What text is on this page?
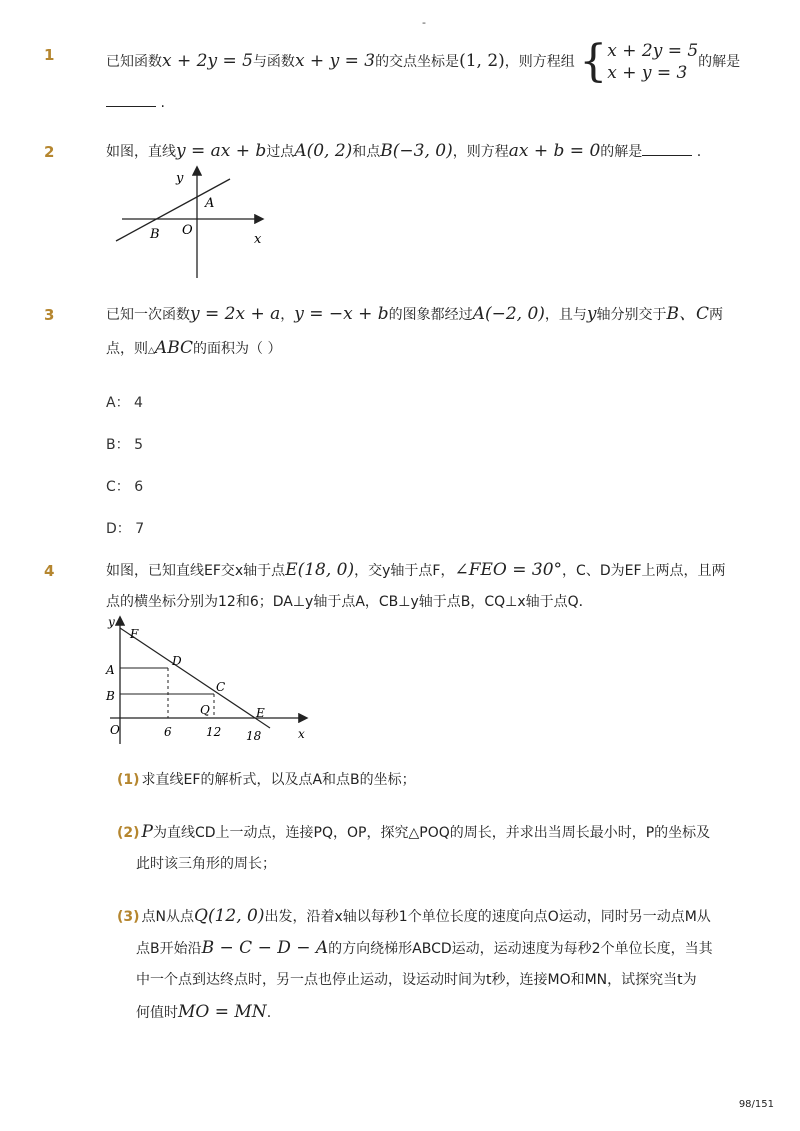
-
1	已知函数x + 2y = 5与函数x + y = 3的交点坐标是(1, 2)，则方程组 { x + 2y = 5
x + y = 3
的解是
.
2	如图，直线y = ax + b过点A(0, 2)和点B(−3, 0)，则方程ax + b = 0的解是	.
y
x
A
B O
3	已知一次函数y = 2x + a，y = −x + b的图象都经过A(−2, 0)，且与y轴分别交于B、C两
点，则△ABC的面积为（ ）
A： 4
B： 5
C： 6
D： 7
4	如图，已知直线EF交x轴于点E(18, 0)，交y轴于点F，∠FEO = 30°，C、D为EF上两点，且两
点的横坐标分别为12和6；DA⊥y轴于点A，CB⊥y轴于点B，CQ⊥x轴于点Q．
y
F
A
D
B
C
Q	E
O	6	12 18	x
(1) 求直线EF的解析式，以及点A和点B的坐标；
(2) P为直线CD上一动点，连接PQ，OP，探究△POQ的周长，并求出当周长最小时，P的坐标及
此时该三角形的周长；
(3) 点N从点Q(12, 0)出发，沿着x轴以每秒1个单位长度的速度向点O运动，同时另一动点M从
点B开始沿B − C − D − A的方向绕梯形ABCD运动，运动速度为每秒2个单位长度，当其
中一个点到达终点时，另一点也停止运动，设运动时间为t秒，连接MO和MN，试探究当t为
何值时MO = MN.
98/151
